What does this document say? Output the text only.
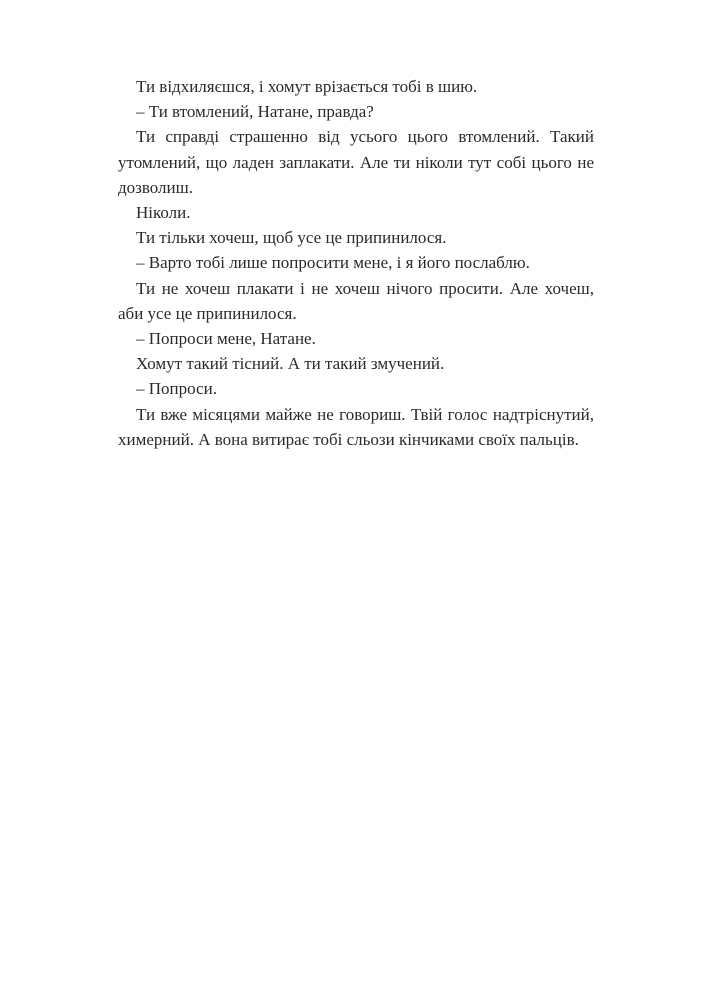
Ти відхиляєшся, і хомут врізається тобі в шию.

– Ти втомлений, Натане, правда?

Ти справді страшенно від усього цього втомлений. Такий утомлений, що ладен заплакати. Але ти ніколи тут собі цього не дозволиш.

Ніколи.

Ти тільки хочеш, щоб усе це припинилося.

– Варто тобі лише попросити мене, і я його послаблю.

Ти не хочеш плакати і не хочеш нічого просити. Але хочеш, аби усе це припинилося.

– Попроси мене, Натане.

Хомут такий тісний. А ти такий змучений.

– Попроси.

Ти вже місяцями майже не говориш. Твій голос надтріснутий, химерний. А вона витирає тобі сльози кінчиками своїх пальців.
